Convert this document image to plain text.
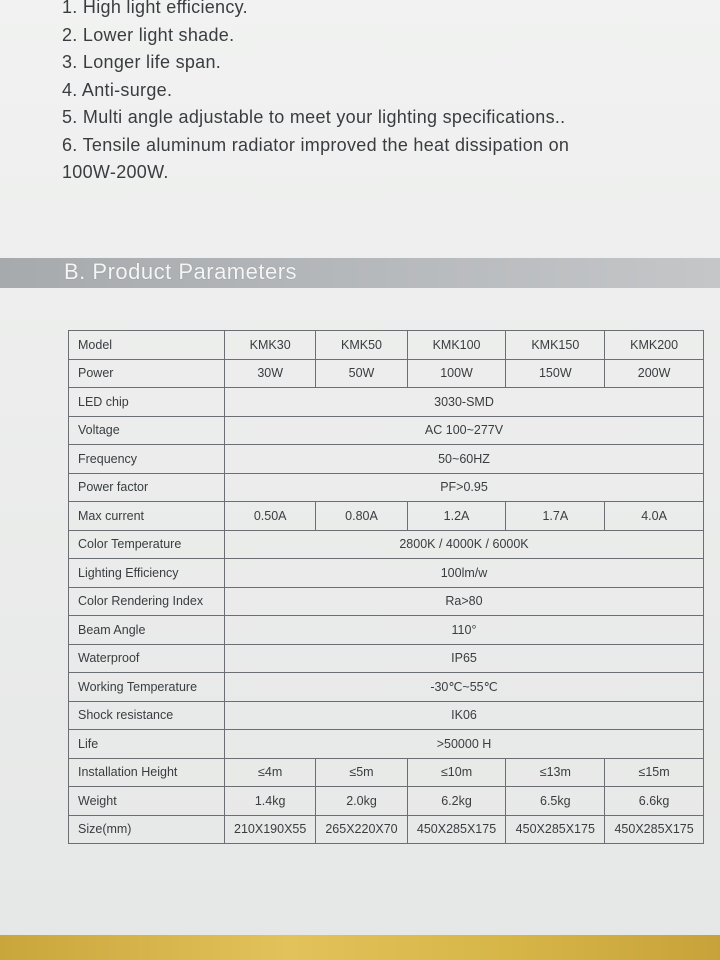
1. High light efficiency.
2. Lower light shade.
3. Longer life span.
4. Anti-surge.
5. Multi angle adjustable to meet your lighting specifications..
6. Tensile aluminum radiator improved the heat dissipation on
100W-200W.
B. Product Parameters
Model	KMK30	KMK50	KMK100	KMK150	KMK200
Power	30W	50W	100W	150W	200W
LED chip	3030-SMD				
Voltage	AC 100~277V				
Frequency	50~60HZ				
Power factor	PF>0.95				
Max current	0.50A	0.80A	1.2A	1.7A	4.0A
Color Temperature	2800K / 4000K / 6000K				
Lighting Efficiency	100lm/w				
Color Rendering Index	Ra>80				
Beam Angle	110°				
Waterproof	IP65				
Working Temperature	-30℃~55℃				
Shock resistance	IK06				
Life	>50000 H				
Installation Height	≤4m	≤5m	≤10m	≤13m	≤15m
Weight	1.4kg	2.0kg	6.2kg	6.5kg	6.6kg
Size(mm)	210X190X55	265X220X70	450X285X175	450X285X175	450X285X175
